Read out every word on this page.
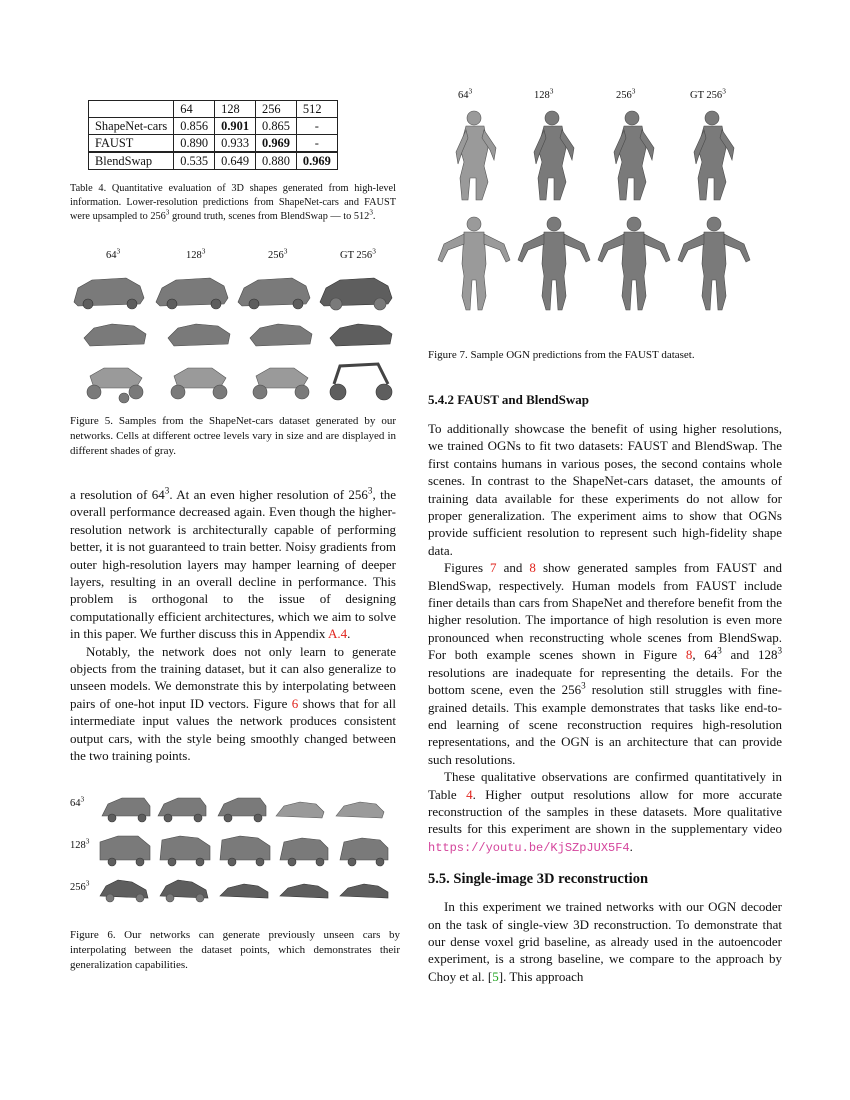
	64	128	256	512
ShapeNet-cars	0.856	0.901	0.865	-
FAUST	0.890	0.933	0.969	-
BlendSwap	0.535	0.649	0.880	0.969
Table 4. Quantitative evaluation of 3D shapes generated from high-level information. Lower-resolution predictions from ShapeNet-cars and FAUST were upsampled to $256^3$ ground truth, scenes from BlendSwap — to $512^3$.
$64^3$	$128^3$	$256^3$	GT $256^3$

Figure 5. Samples from the ShapeNet-cars dataset generated by our networks. Cells at different octree levels vary in size and are displayed in different shades of gray.

a resolution of $64^3$. At an even higher resolution of $256^3$, the overall performance decreased again. Even though the higher-resolution network is architecturally capable of performing better, it is not guaranteed to train better. Noisy gradients from outer high-resolution layers may hamper learning of deeper layers, resulting in an overall decline in performance. This problem is orthogonal to the issue of designing computationally efficient architectures, which we aim to solve in this paper. We further discuss this in Appendix A.4.

Notably, the network does not only learn to generate objects from the training dataset, but it can also generalize to unseen models. We demonstrate this by interpolating between pairs of one-hot input ID vectors. Figure 6 shows that for all intermediate input values the network produces consistent output cars, with the style being smoothly changed between the two training points.

$64^3$
$128^3$
$256^3$

Figure 6. Our networks can generate previously unseen cars by interpolating between the dataset points, which demonstrates their generalization capabilities.

$64^3$	$128^3$	$256^3$	GT $256^3$

Figure 7. Sample OGN predictions from the FAUST dataset.

5.4.2 FAUST and BlendSwap

To additionally showcase the benefit of using higher resolutions, we trained OGNs to fit two datasets: FAUST and BlendSwap. The first contains humans in various poses, the second contains whole scenes. In contrast to the ShapeNet-cars dataset, the amounts of training data available for these experiments do not allow for proper generalization. The experiment aims to show that OGNs provide sufficient resolution to represent such high-fidelity shape data.

Figures 7 and 8 show generated samples from FAUST and BlendSwap, respectively. Human models from FAUST include finer details than cars from ShapeNet and therefore benefit from the higher resolution. The importance of high resolution is even more pronounced when reconstructing whole scenes from BlendSwap. For both example scenes shown in Figure 8, $64^3$ and $128^3$ resolutions are inadequate for representing the details. For the bottom scene, even the $256^3$ resolution still struggles with fine-grained details. This example demonstrates that tasks like end-to-end learning of scene reconstruction requires high-resolution representations, and the OGN is an architecture that can provide such resolutions.

These qualitative observations are confirmed quantitatively in Table 4. Higher output resolutions allow for more accurate reconstruction of the samples in these datasets. More qualitative results for this experiment are shown in the supplementary video https://youtu.be/KjSZpJUX5F4.

5.5. Single-image 3D reconstruction

In this experiment we trained networks with our OGN decoder on the task of single-view 3D reconstruction. To demonstrate that our dense voxel grid baseline, as already used in the autoencoder experiment, is a strong baseline, we compare to the approach by Choy et al. [5]. This approach
